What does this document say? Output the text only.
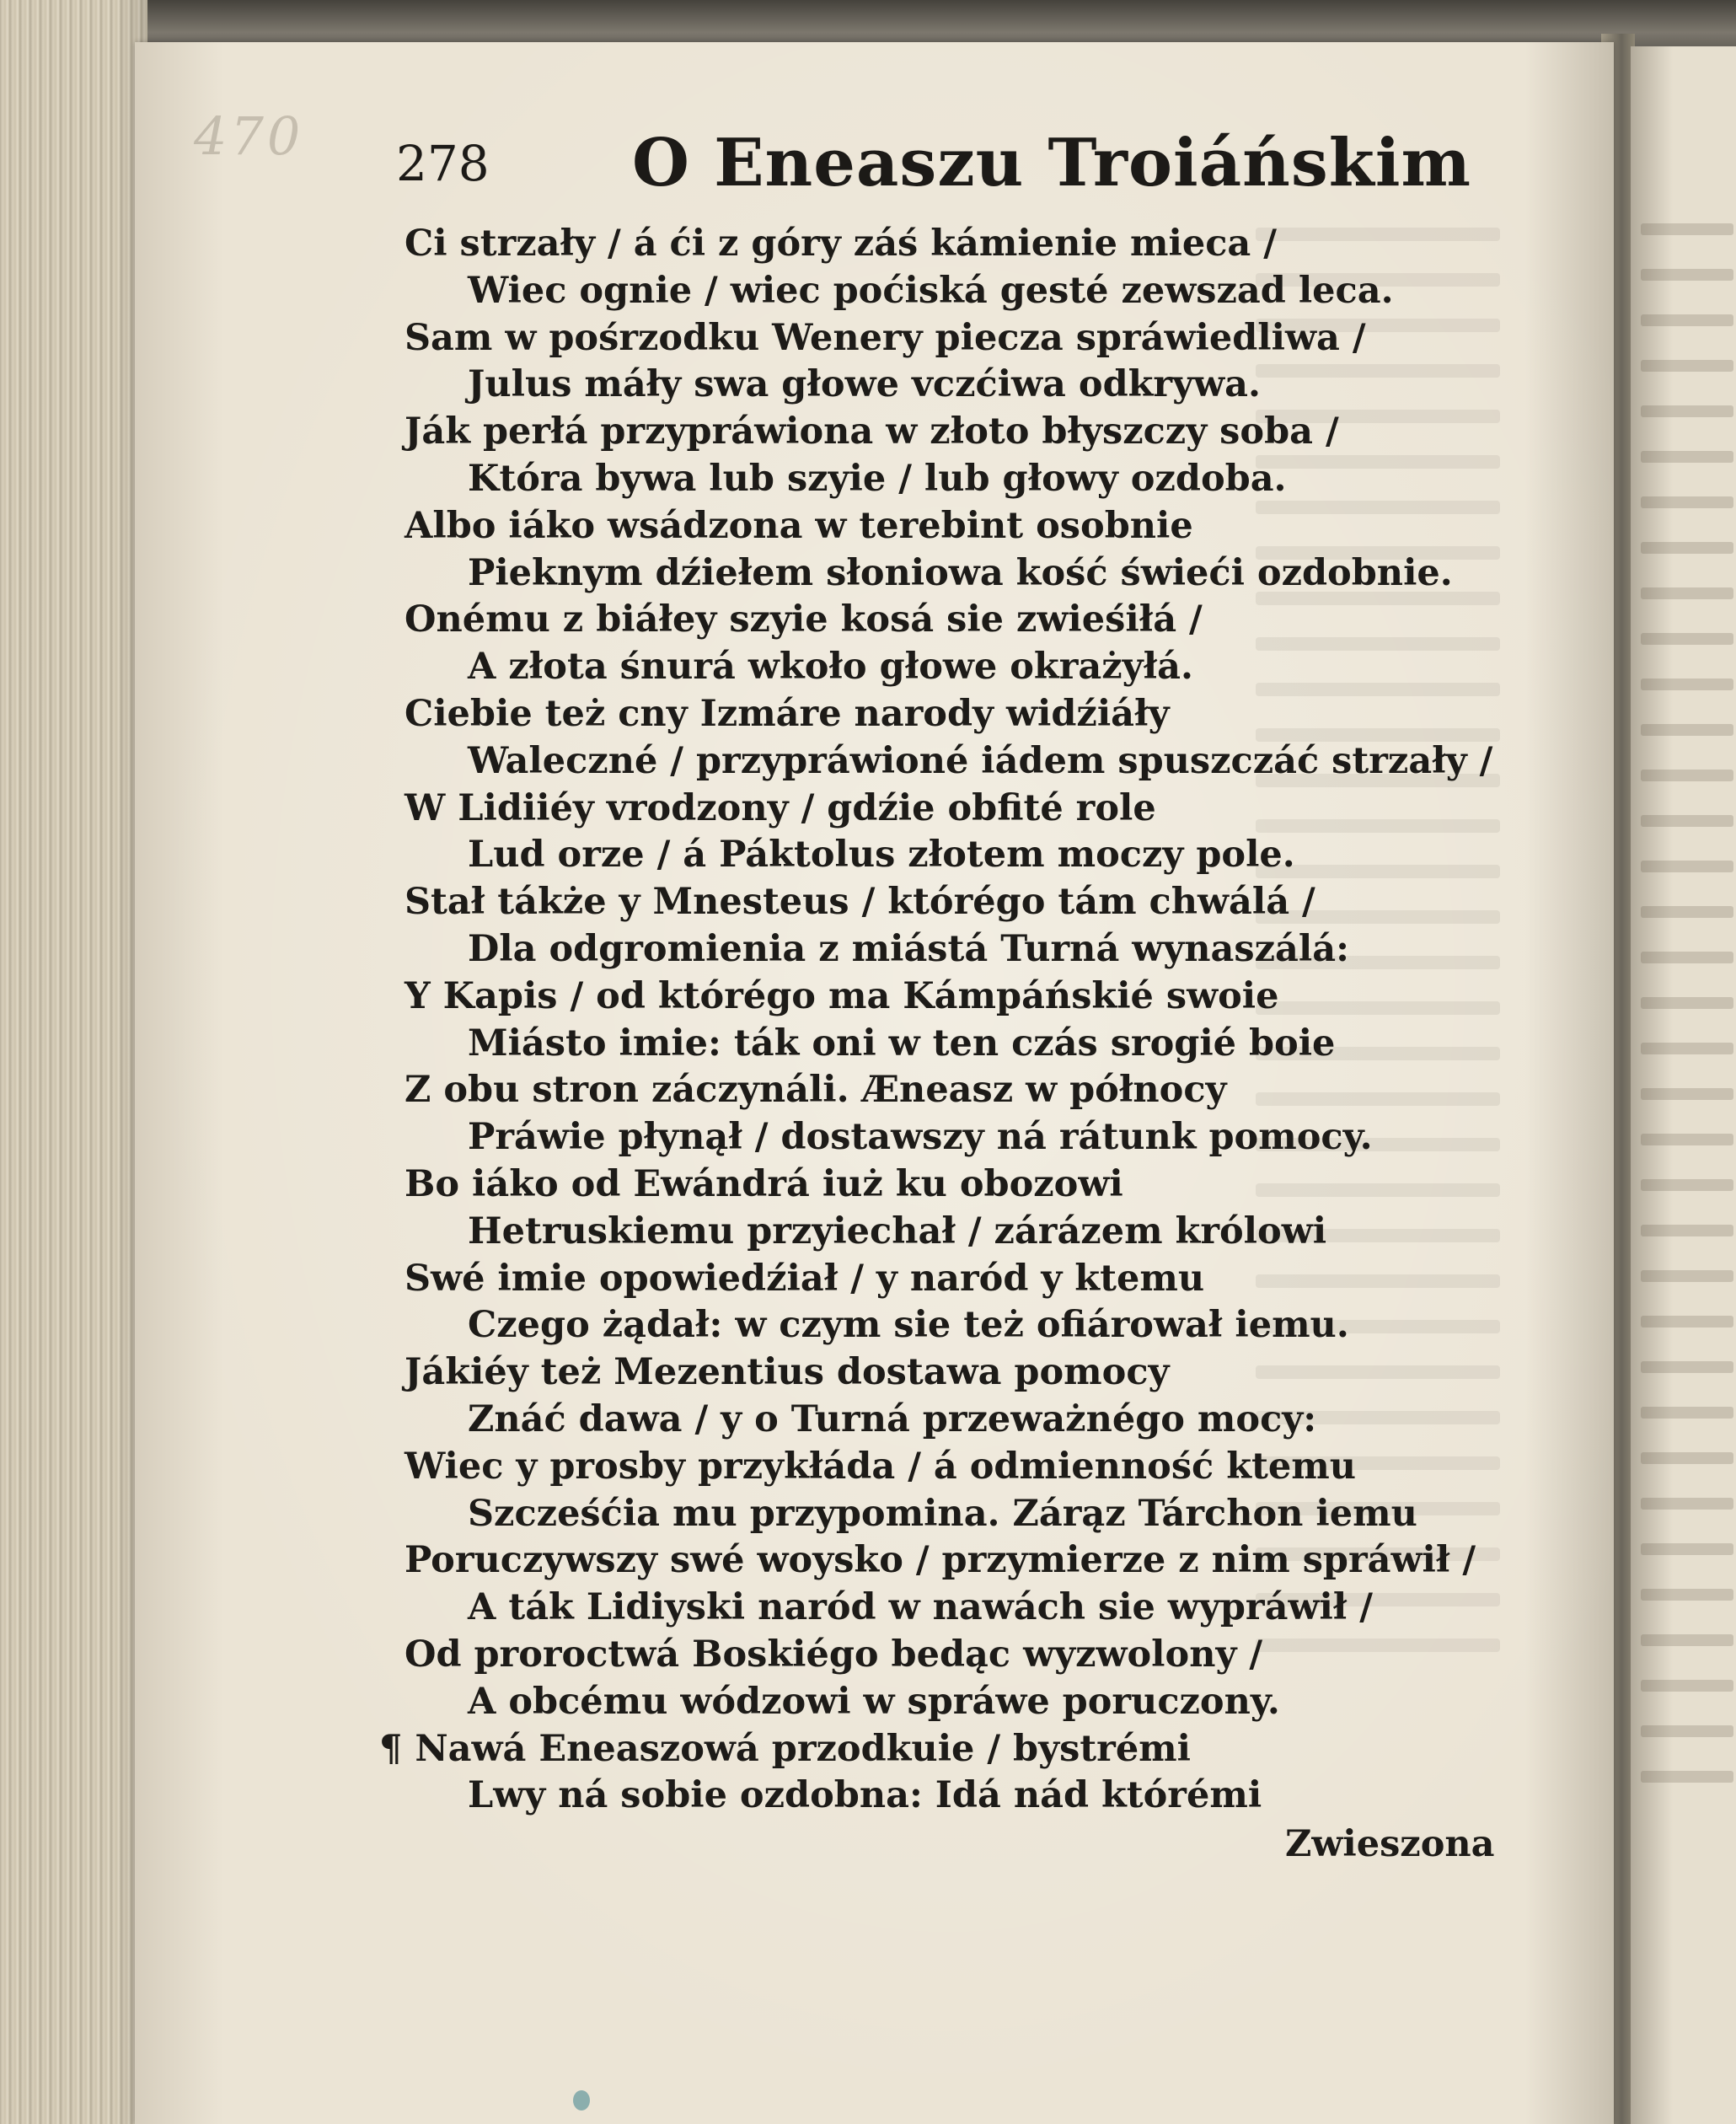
470 278 O Eneaszu Troiáńskim
Ci strzały / á ći z góry záś kámienie mieca /
Wiec ognie / wiec poćiská gesté zewszad leca.
Sam w pośrzodku Wenery piecza spráwiedliwa /
Julus máły swa głowe vczćiwa odkrywa.
Ják perłá przypráwiona w złoto błyszczy soba /
Która bywa lub szyie / lub głowy ozdoba.
Albo iáko wsádzona w terebint osobnie
Pieknym dźiełem słoniowa kość świeći ozdobnie.
Onému z biáłey szyie kosá sie zwieśiłá /
A złota śnurá wkoło głowe okrażyłá.
Ciebie też cny Izmáre narody widźiáły
Waleczné / przypráwioné iádem spuszczáć strzały /
W Lidiiéy vrodzony / gdźie obfité role
Lud orze / á Páktolus złotem moczy pole.
Stał tákże y Mnesteus / którégo tám chwálá /
Dla odgromienia z miástá Turná wynaszálá:
Y Kapis / od którégo ma Kámpáńskié swoie
Miásto imie: ták oni w ten czás srogié boie
Z obu stron záczynáli. Æneasz w północy
Práwie płynął / dostawszy ná rátunk pomocy.
Bo iáko od Ewándrá iuż ku obozowi
Hetruskiemu przyiechał / zárázem królowi
Swé imie opowiedźiał / y naród y ktemu
Czego żądał: w czym sie też ofiárował iemu.
Jákiéy też Mezentius dostawa pomocy
Znáć dawa / y o Turná przeważnégo mocy:
Wiec y prosby przykłáda / á odmienność ktemu
Szcześćia mu przypomina. Zárąz Tárchon iemu
Poruczywszy swé woysko / przymierze z nim spráwił /
A ták Lidiyski naród w nawách sie wypráwił /
Od proroctwá Boskiégo bedąc wyzwolony /
A obcému wódzowi w spráwe poruczony.
¶ Nawá Eneaszowá przodkuie / bystrémi
Lwy ná sobie ozdobna: Idá nád którémi
Zwieszona
